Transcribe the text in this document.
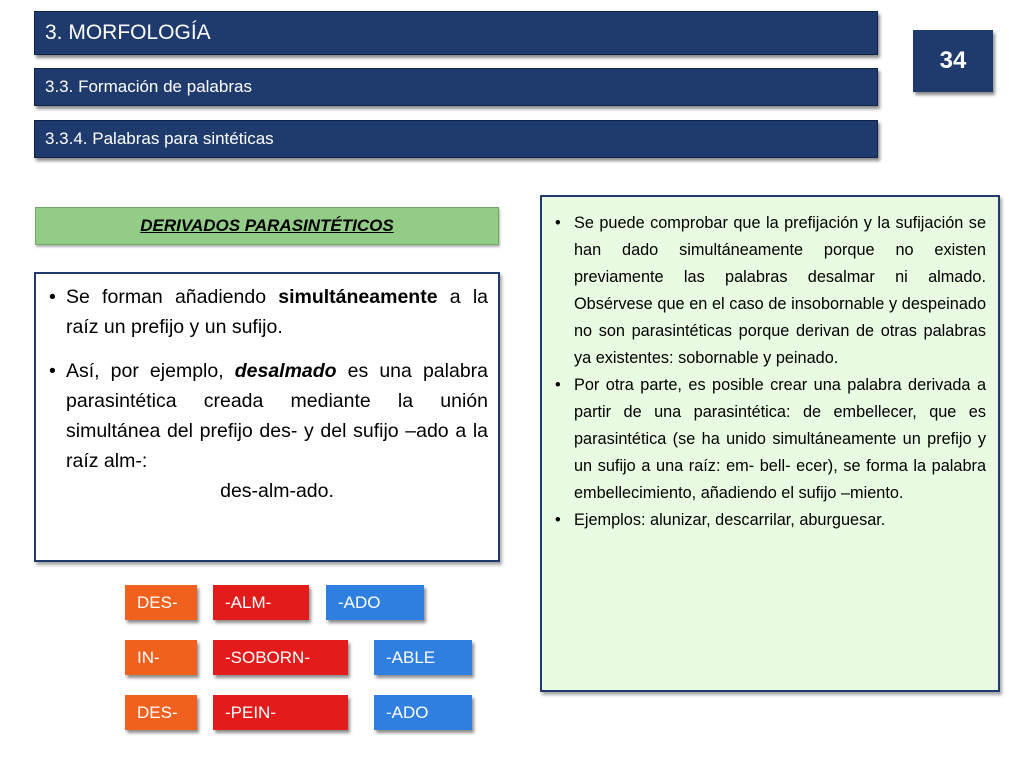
3. MORFOLOGÍA
3.3. Formación de palabras
3.3.4. Palabras para sintéticas
34
DERIVADOS PARASINTÉTICOS
• Se forman añadiendo simultáneamente a la raíz un prefijo y un sufijo.
• Así, por ejemplo, desalmado es una palabra parasintética creada mediante la unión simultánea del prefijo des- y del sufijo –ado a la raíz alm-:
des-alm-ado.

• Se puede comprobar que la prefijación y la sufijación se han dado simultáneamente porque no existen previamente las palabras desalmar ni almado. Obsérvese que en el caso de insobornable y despeinado no son parasintéticas porque derivan de otras palabras ya existentes: sobornable y peinado.

• Por otra parte, es posible crear una palabra derivada a partir de una parasintética: de embellecer, que es parasintética (se ha unido simultáneamente un prefijo y un sufijo a una raíz: em- bell- ecer), se forma la palabra embellecimiento, añadiendo el sufijo –miento.

• Ejemplos: alunizar, descarrilar, aburguesar.

DES-	-ALM-	-ADO
IN-	-SOBORN-	-ABLE
DES-	-PEIN-	-ADO
